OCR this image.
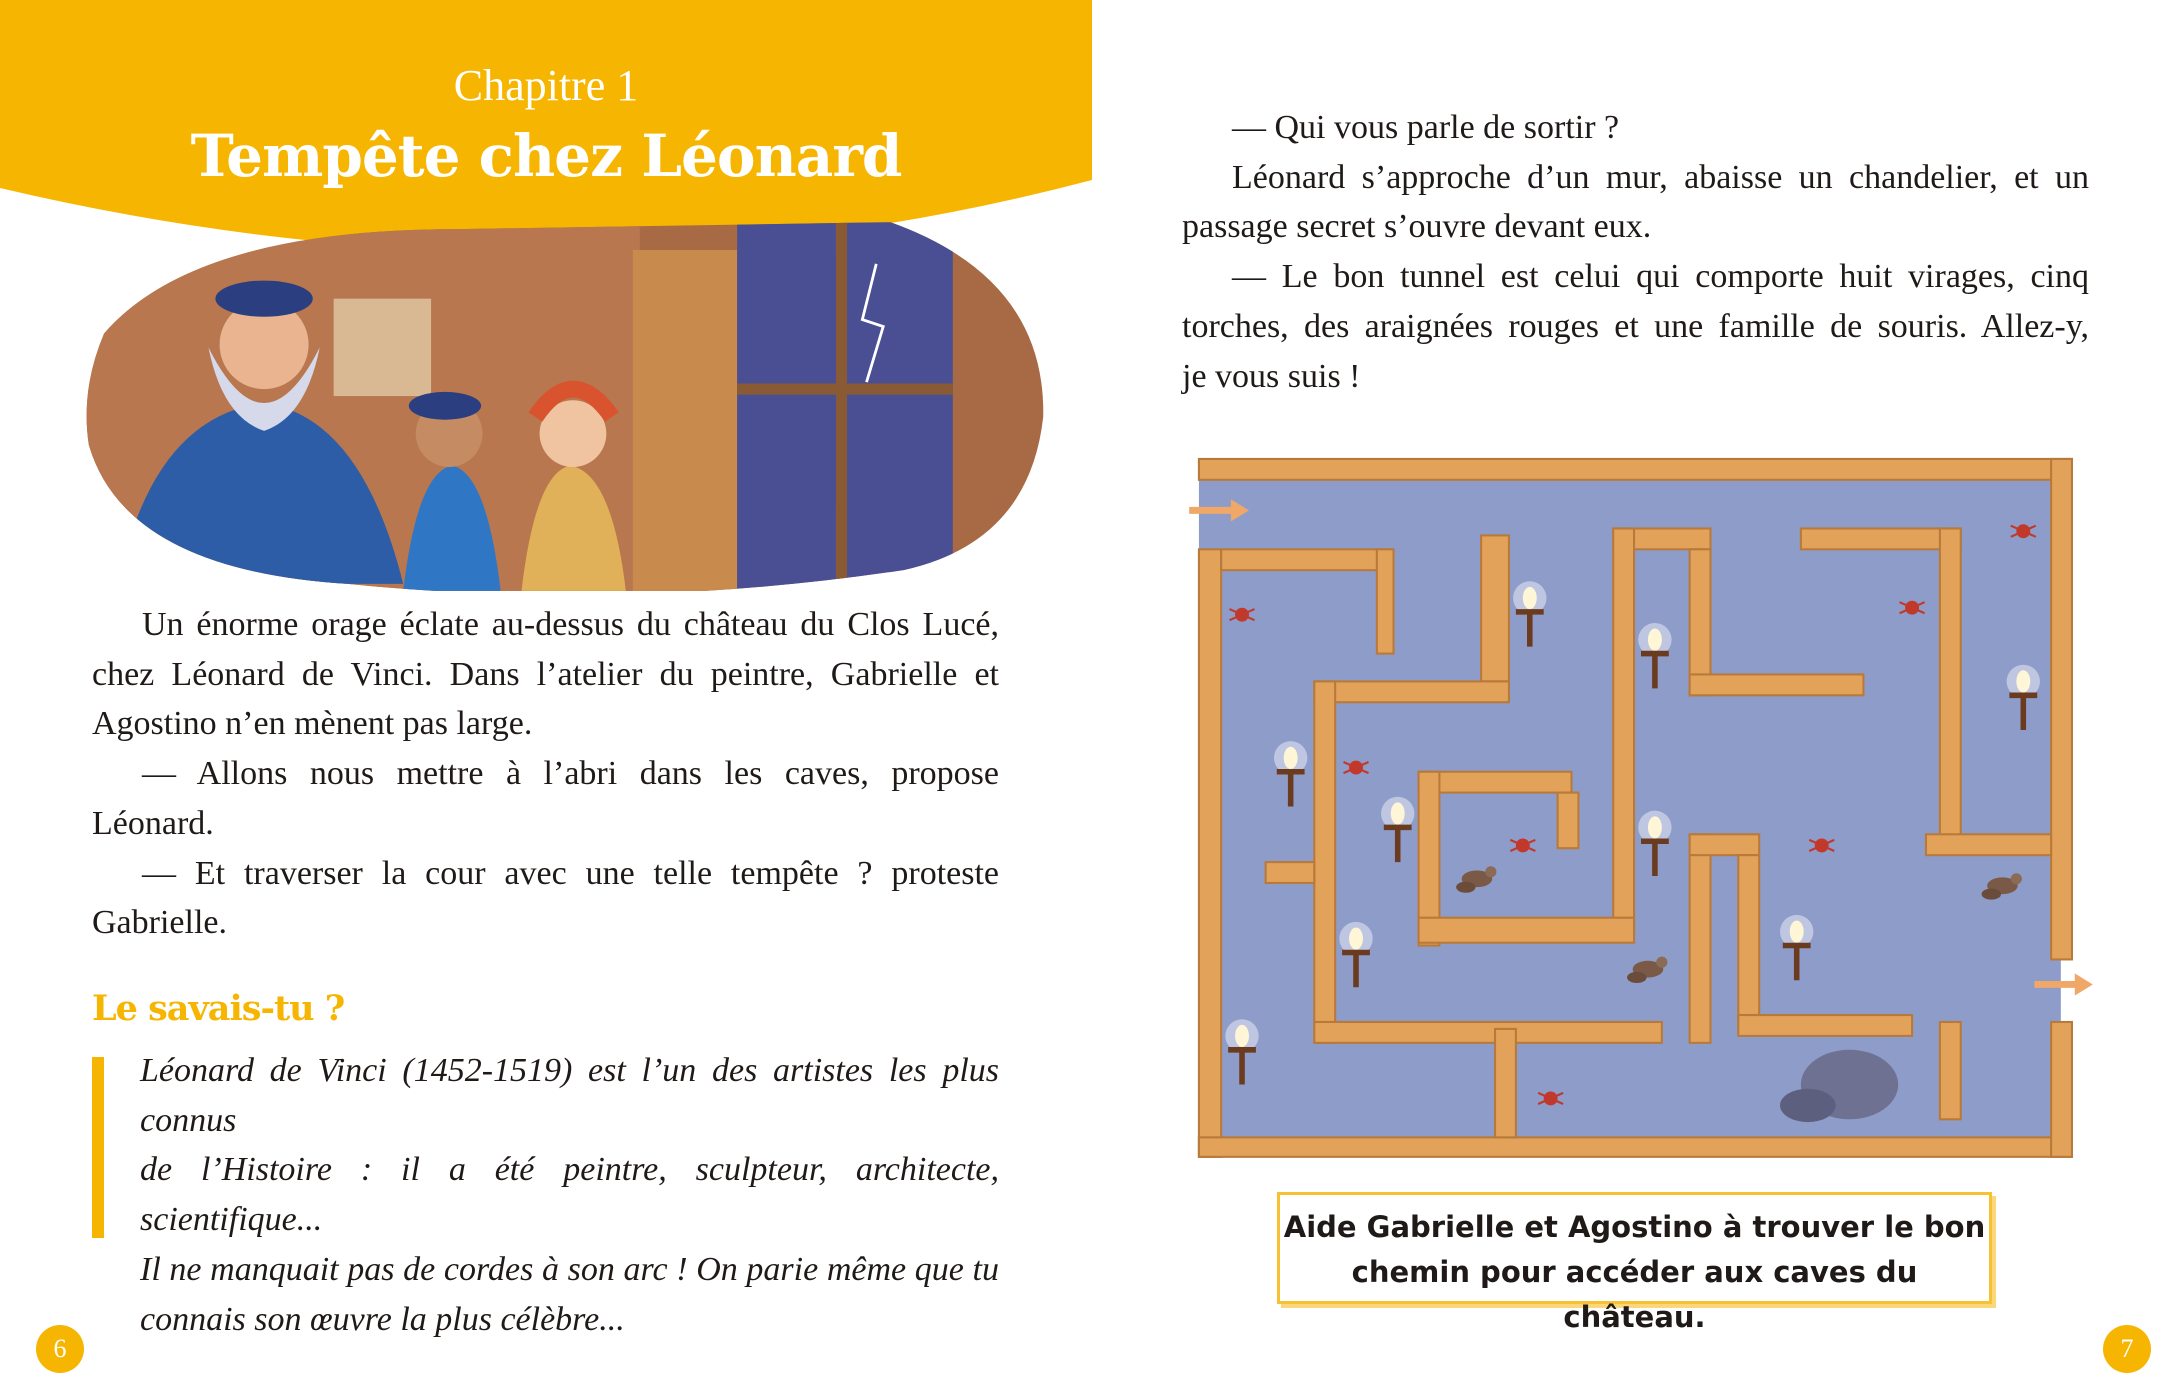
Chapitre 1
Tempête chez Léonard
Un énorme orage éclate au-dessus du château du Clos Lucé,
chez Léonard de Vinci. Dans l’atelier du peintre, Gabrielle et
Agostino n’en mènent pas large.
— Allons nous mettre à l’abri dans les caves, propose
Léonard.
— Et traverser la cour avec une telle tempête ? proteste
Gabrielle.
Le savais-tu ?
Léonard de Vinci (1452-1519) est l’un des artistes les plus connus
de l’Histoire : il a été peintre, sculpteur, architecte, scientifique...
Il ne manquait pas de cordes à son arc ! On parie même que tu
connais son œuvre la plus célèbre...
— Qui vous parle de sortir ?
Léonard s’approche d’un mur, abaisse un chandelier, et un
passage secret s’ouvre devant eux.
— Le bon tunnel est celui qui comporte huit virages, cinq
torches, des araignées rouges et une famille de souris. Allez-y,
je vous suis !
Aide Gabrielle et Agostino à trouver le bon
chemin pour accéder aux caves du château.
6	7
